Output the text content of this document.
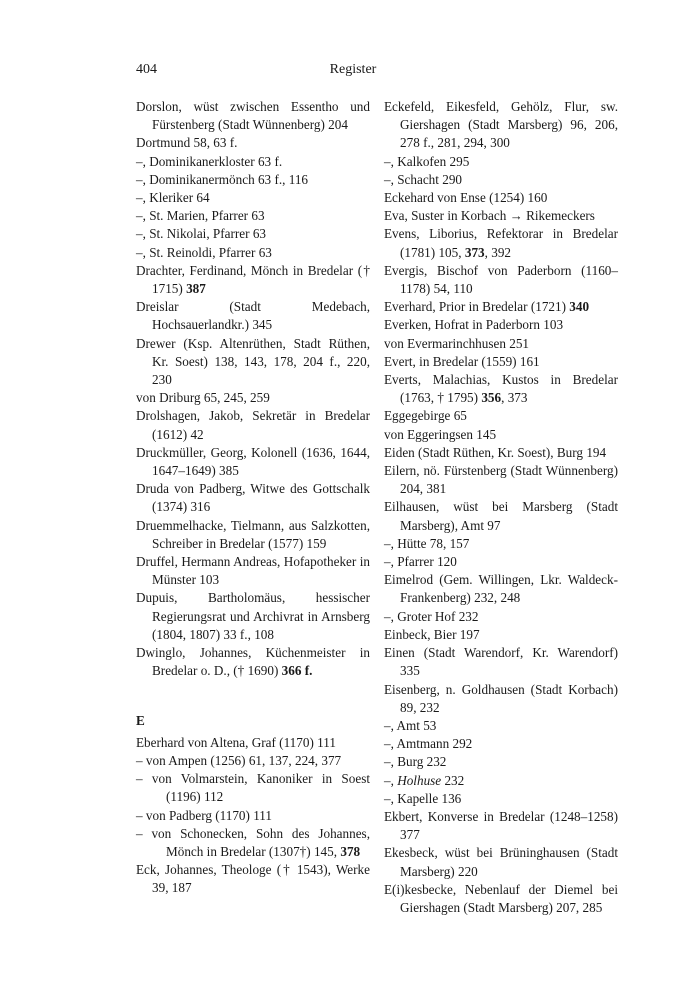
404	Register

Dorslon, wüst zwischen Essentho und Fürstenberg (Stadt Wünnenberg) 204

Dortmund 58, 63 f.

–, Dominikanerkloster 63 f.

–, Dominikanermönch 63 f., 116

–, Kleriker 64

–, St. Marien, Pfarrer 63

–, St. Nikolai, Pfarrer 63

–, St. Reinoldi, Pfarrer 63

Drachter, Ferdinand, Mönch in Bredelar († 1715) 387

Dreislar (Stadt Medebach, Hochsauerlandkr.) 345

Drewer (Ksp. Altenrüthen, Stadt Rüthen, Kr. Soest) 138, 143, 178, 204 f., 220, 230

von Driburg 65, 245, 259

Drolshagen, Jakob, Sekretär in Bredelar (1612) 42

Druckmüller, Georg, Kolonell (1636, 1644, 1647–1649) 385

Druda von Padberg, Witwe des Gottschalk (1374) 316

Druemmelhacke, Tielmann, aus Salzkotten, Schreiber in Bredelar (1577) 159

Druffel, Hermann Andreas, Hofapotheker in Münster 103

Dupuis, Bartholomäus, hessischer Regierungsrat und Archivrat in Arnsberg (1804, 1807) 33 f., 108

Dwinglo, Johannes, Küchenmeister in Bredelar o. D., († 1690) 366 f.

E

Eberhard von Altena, Graf (1170) 111

– von Ampen (1256) 61, 137, 224, 377

– von Volmarstein, Kanoniker in Soest (1196) 112

– von Padberg (1170) 111

– von Schonecken, Sohn des Johannes, Mönch in Bredelar (1307†) 145, 378

Eck, Johannes, Theologe († 1543), Werke 39, 187

Eckefeld, Eikesfeld, Gehölz, Flur, sw. Giershagen (Stadt Marsberg) 96, 206, 278 f., 281, 294, 300

–, Kalkofen 295

–, Schacht 290

Eckehard von Ense (1254) 160

Eva, Suster in Korbach → Rikemeckers

Evens, Liborius, Refektorar in Bredelar (1781) 105, 373, 392

Evergis, Bischof von Paderborn (1160–1178) 54, 110

Everhard, Prior in Bredelar (1721) 340

Everken, Hofrat in Paderborn 103

von Evermarinchhusen 251

Evert, in Bredelar (1559) 161

Everts, Malachias, Kustos in Bredelar (1763, † 1795) 356, 373

Eggegebirge 65

von Eggeringsen 145

Eiden (Stadt Rüthen, Kr. Soest), Burg 194

Eilern, nö. Fürstenberg (Stadt Wünnenberg) 204, 381

Eilhausen, wüst bei Marsberg (Stadt Marsberg), Amt 97

–, Hütte 78, 157

–, Pfarrer 120

Eimelrod (Gem. Willingen, Lkr. Waldeck-Frankenberg) 232, 248

–, Groter Hof 232

Einbeck, Bier 197

Einen (Stadt Warendorf, Kr. Warendorf) 335

Eisenberg, n. Goldhausen (Stadt Korbach) 89, 232

–, Amt 53

–, Amtmann 292

–, Burg 232

–, Holhuse 232

–, Kapelle 136

Ekbert, Konverse in Bredelar (1248–1258) 377

Ekesbeck, wüst bei Brüninghausen (Stadt Marsberg) 220

E(i)kesbecke, Nebenlauf der Diemel bei Giershagen (Stadt Marsberg) 207, 285
